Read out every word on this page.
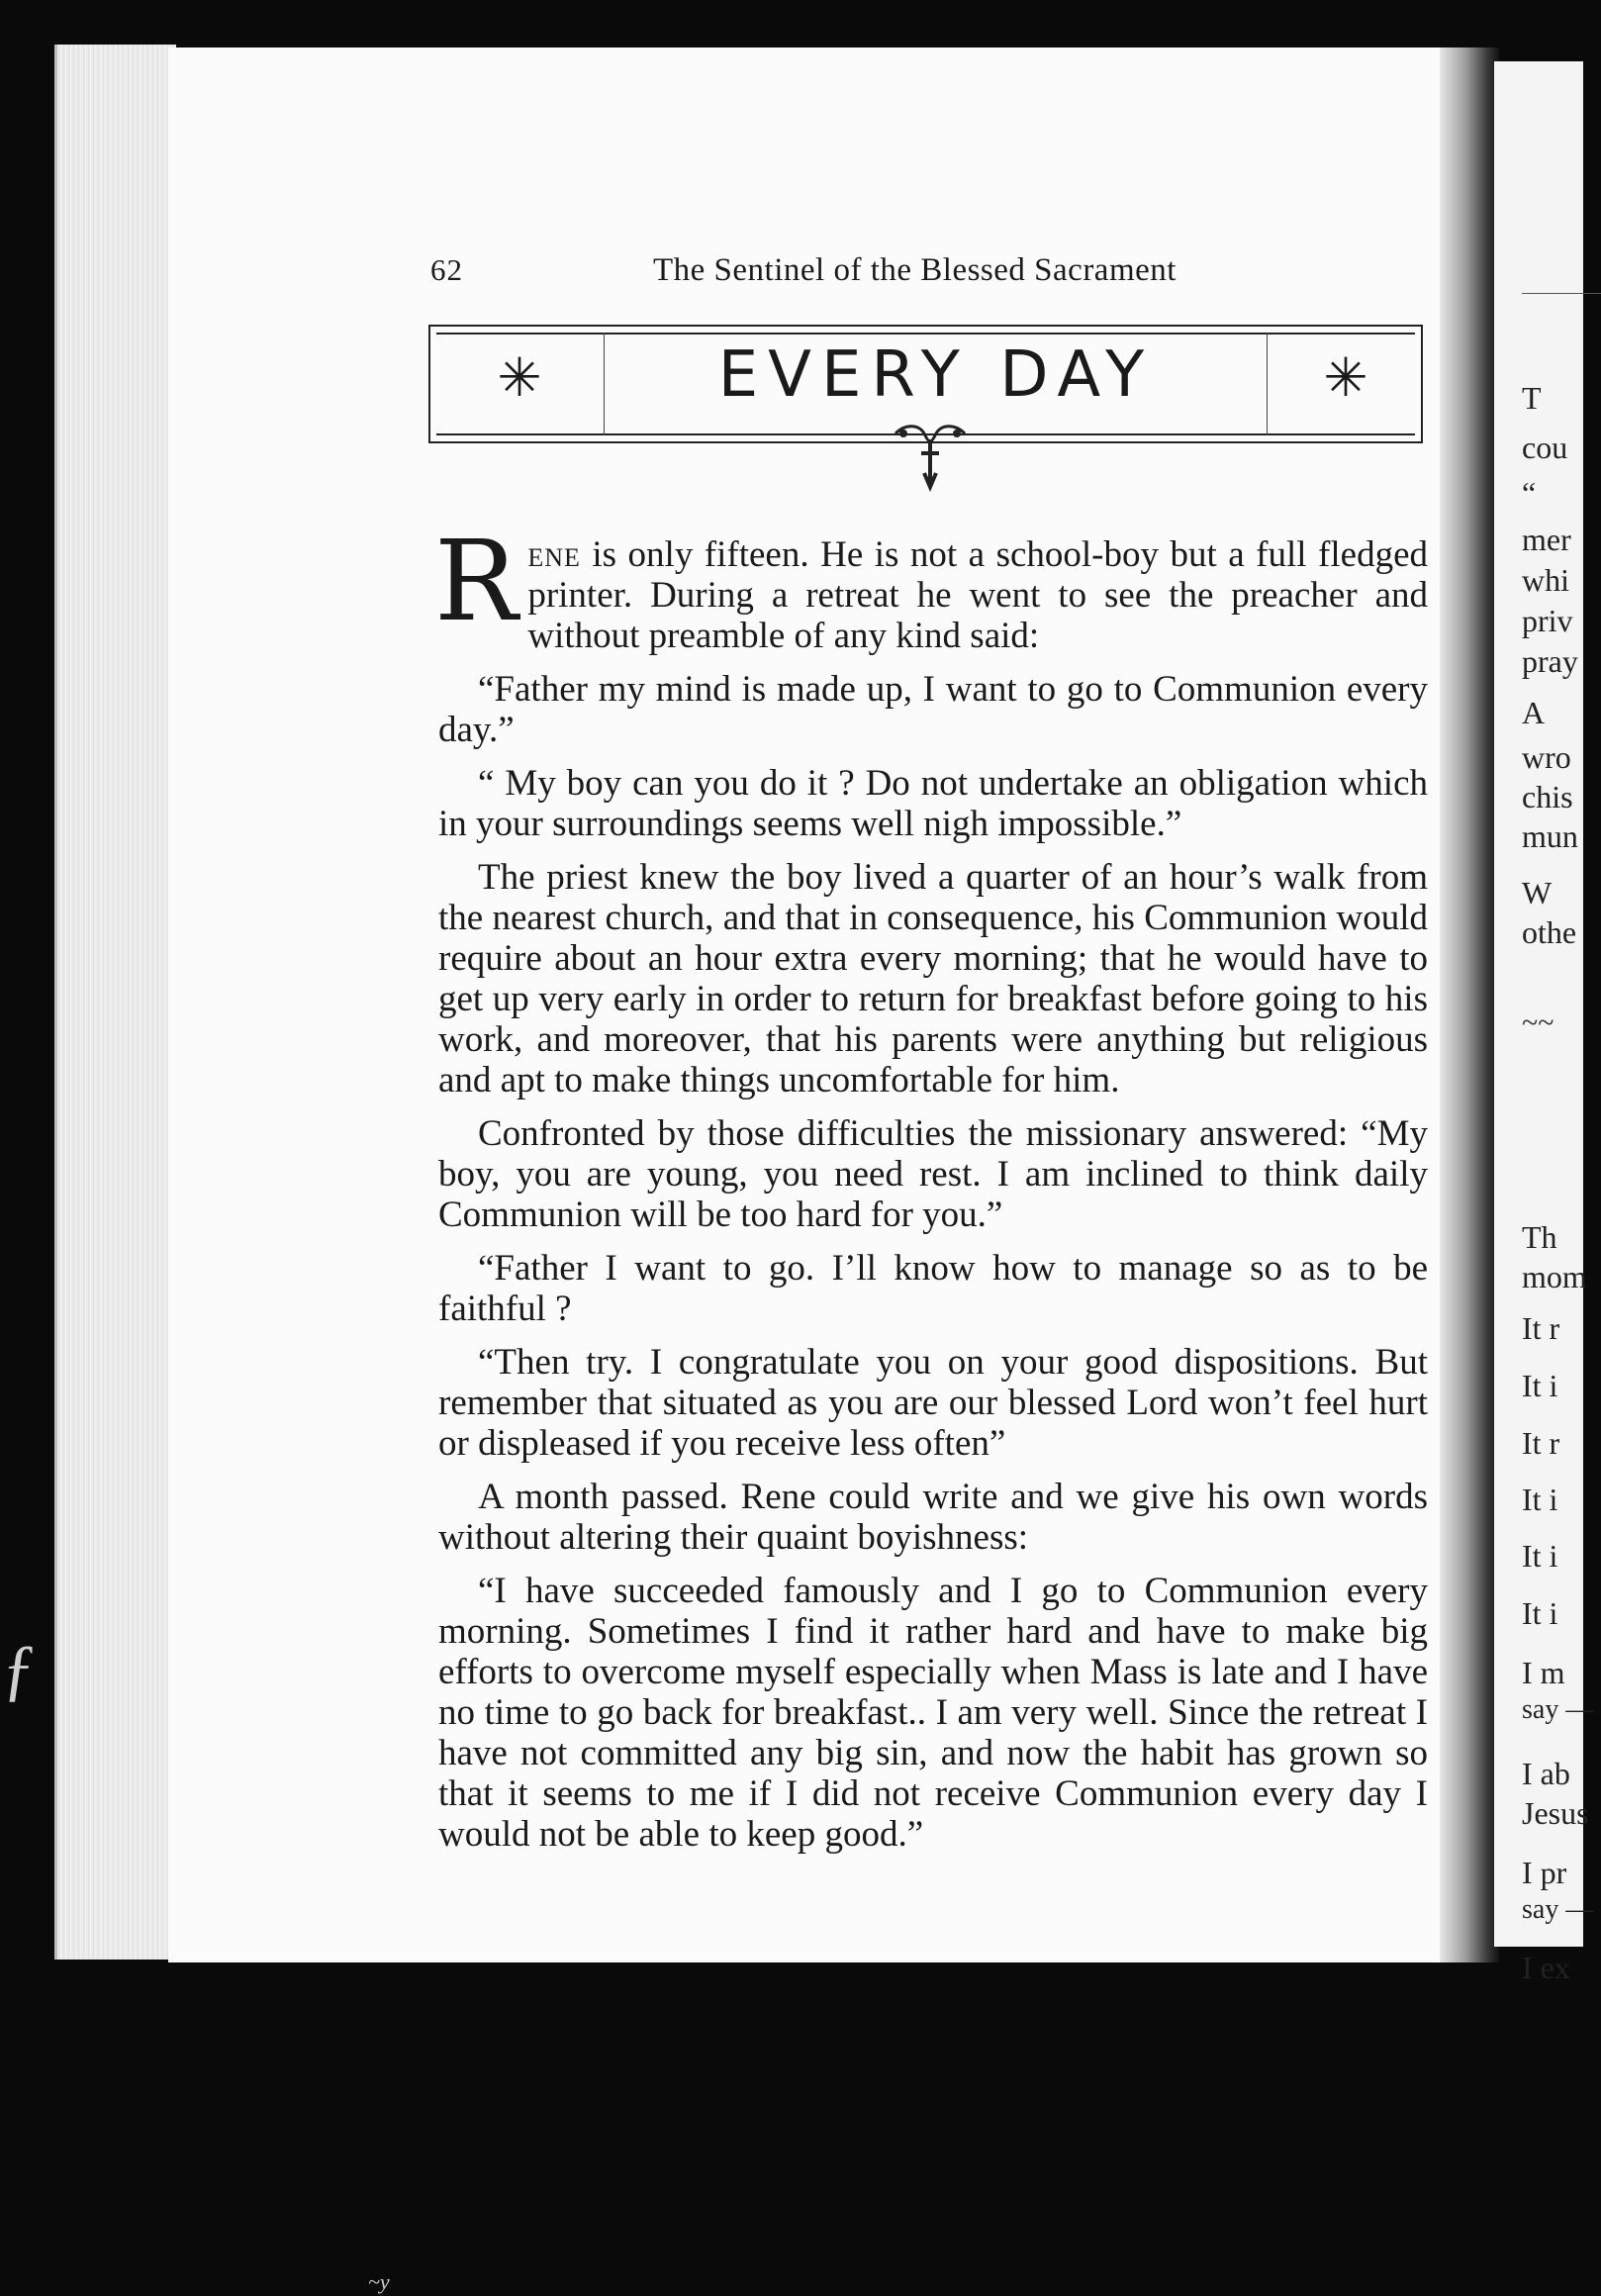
T
cou
“
mer
whi
priv
pray
A
wro
chis
mun
W
othe
~~
Th
mom
It r
It i
It r
It i
It i
It i
I m
say —
I ab
Jesus
I pr
say —
I ex
62	The Sentinel of the Blessed Sacrament
✳	EVERY DAY	✳

Rene is only fifteen. He is not a school-boy but a full fledged printer. During a retreat he went to see the preacher and without preamble of any kind said:

“Father my mind is made up, I want to go to Communion every day.”

“ My boy can you do it ? Do not undertake an obligation which in your surroundings seems well nigh impossible.”

The priest knew the boy lived a quarter of an hour’s walk from the nearest church, and that in consequence, his Communion would require about an hour extra every morning; that he would have to get up very early in order to return for breakfast before going to his work, and moreover, that his parents were anything but religious and apt to make things uncomfortable for him.

Confronted by those difficulties the missionary answered: “My boy, you are young, you need rest. I am inclined to think daily Communion will be too hard for you.”

“Father I want to go. I’ll know how to manage so as to be faithful ?

“Then try. I congratulate you on your good dispositions. But remember that situated as you are our blessed Lord won’t feel hurt or displeased if you receive less often”

A month passed. Rene could write and we give his own words without altering their quaint boyishness:

“I have succeeded famously and I go to Communion every morning. Sometimes I find it rather hard and have to make big efforts to overcome myself especially when Mass is late and I have no time to go back for breakfast.. I am very well. Since the retreat I have not committed any big sin, and now the habit has grown so that it seems to me if I did not receive Communion every day I would not be able to keep good.”

~y
ƒ
